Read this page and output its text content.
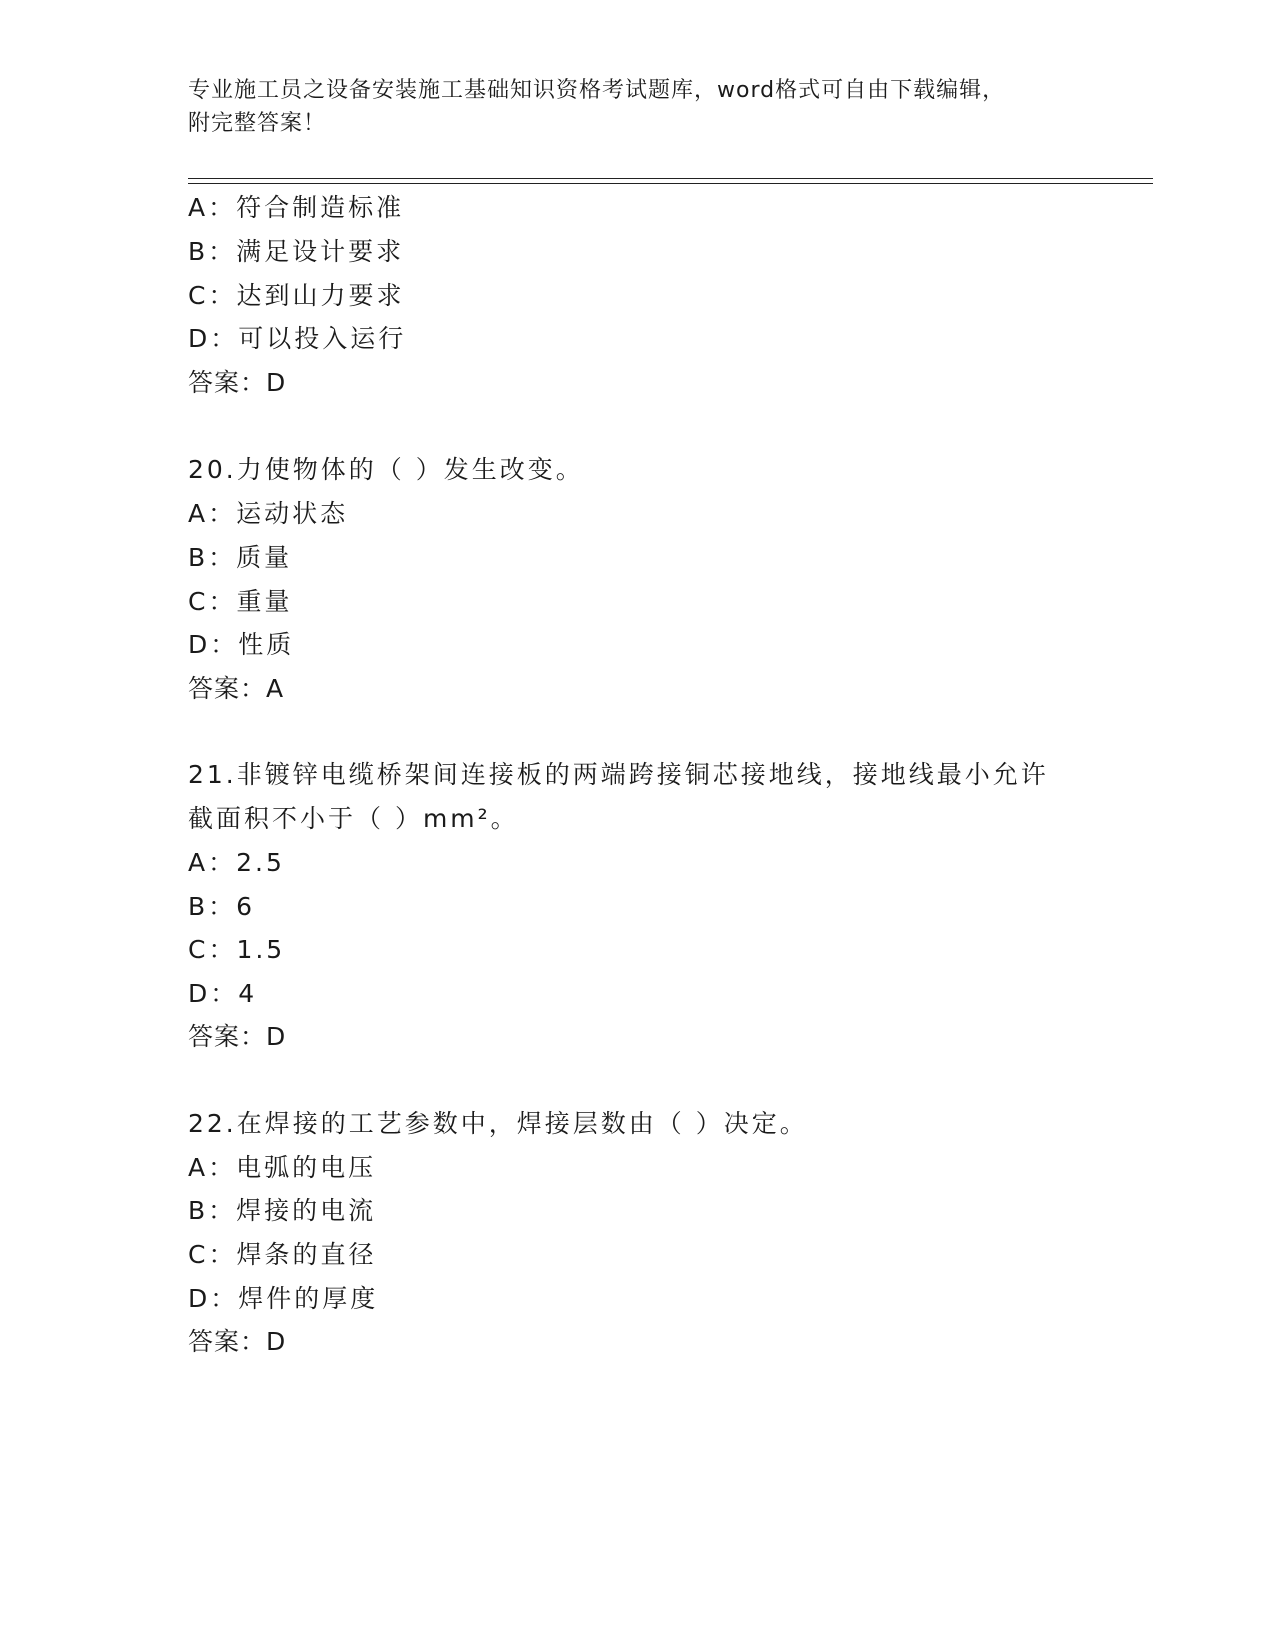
专业施工员之设备安装施工基础知识资格考试题库，word格式可自由下载编辑，
附完整答案！
A：符合制造标准
B：满足设计要求
C：达到山力要求
D：可以投入运行
答案：D
20.力使物体的（ ）发生改变。
A：运动状态
B：质量
C：重量
D：性质
答案：A
21.非镀锌电缆桥架间连接板的两端跨接铜芯接地线，接地线最小允许
截面积不小于（ ）mm²。
A：2.5
B：6
C：1.5
D：4
答案：D
22.在焊接的工艺参数中，焊接层数由（ ）决定。
A：电弧的电压
B：焊接的电流
C：焊条的直径
D：焊件的厚度
答案：D
